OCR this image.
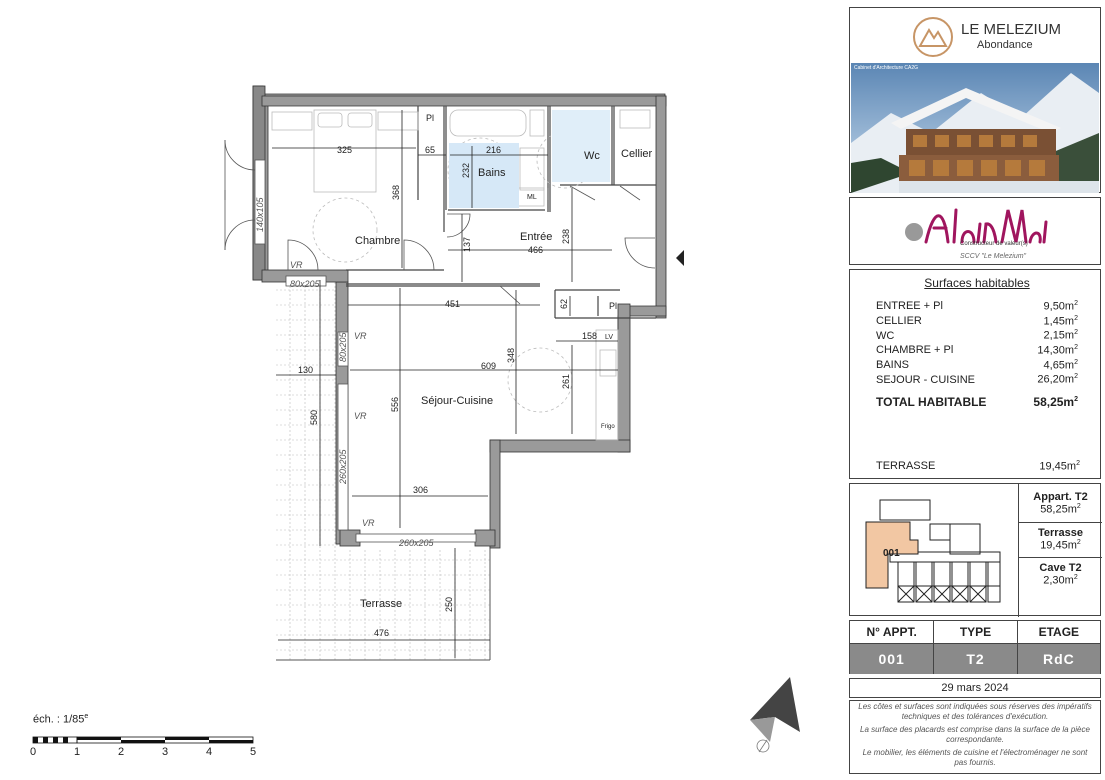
Chambre
Bains
Wc Cellier
Entrée
Séjour-Cuisine
Terrasse
Pl
Pl
ML
LV
Frigo
VR
VR
VR
VR
80x205
260x205
140x105
80x205
260x205
325
368
65	216
232
137	466
238
451	62
158
609
348
261
130
580
556
306
250
476
éch. : 1/85e
0	1	2	3	4	5
LE MELEZIUM
Abondance
Cabinet d'Architecture CA2G
Constructeur de valeur(s)
SCCV "Le Melezium"
Surfaces habitables
ENTREE + Pl	$9,50m^2$
CELLIER	$1,45m^2$
WC	$2,15m^2$
CHAMBRE + Pl	$14,30m^2$
BAINS	$4,65m^2$
SEJOUR - CUISINE	$26,20m^2$
TOTAL HABITABLE	$58,25m^2$
TERRASSE	$19,45m^2$
001
Appart. T2
$58,25m^2$
Terrasse
$19,45m^2$
Cave T2
$2,30m^2$
N° APPT.	TYPE	ETAGE
001	T2	RdC
29 mars 2024
Les côtes et surfaces sont indiquées sous réserves des impératifs techniques et des tolérances d'exécution.
La surface des placards est comprise dans la surface de la pièce correspondante.
Le mobilier, les éléments de cuisine et l'électroménager ne sont pas fournis.
